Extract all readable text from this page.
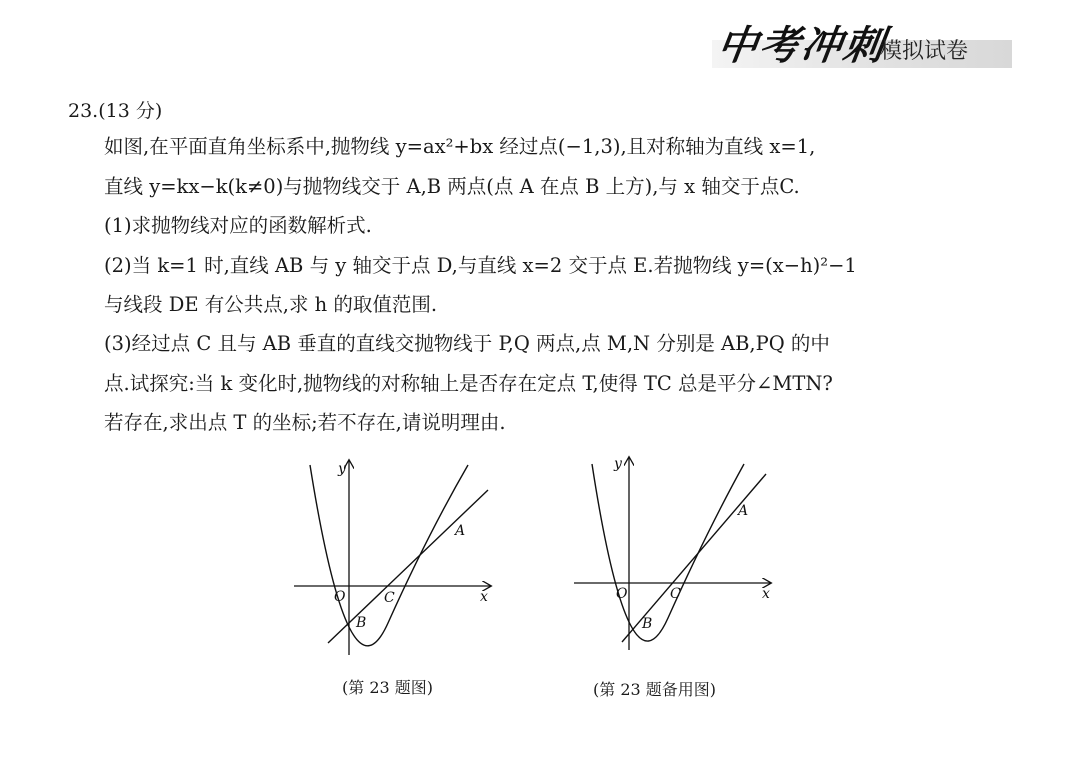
中考冲刺
模拟试卷
23.(13 分)
如图,在平面直角坐标系中,抛物线 y=ax²+bx 经过点(−1,3),且对称轴为直线 x=1,
直线 y=kx−k(k≠0)与抛物线交于 A,B 两点(点 A 在点 B 上方),与 x 轴交于点C.
(1)求抛物线对应的函数解析式.
(2)当 k=1 时,直线 AB 与 y 轴交于点 D,与直线 x=2 交于点 E.若抛物线 y=(x−h)²−1
与线段 DE 有公共点,求 h 的取值范围.
(3)经过点 C 且与 AB 垂直的直线交抛物线于 P,Q 两点,点 M,N 分别是 AB,PQ 的中
点.试探究:当 k 变化时,抛物线的对称轴上是否存在定点 T,使得 TC 总是平分∠MTN?
若存在,求出点 T 的坐标;若不存在,请说明理由.
y
x
O
A
B
C
(第 23 题图)
y
x
O
A
B
C
(第 23 题备用图)
